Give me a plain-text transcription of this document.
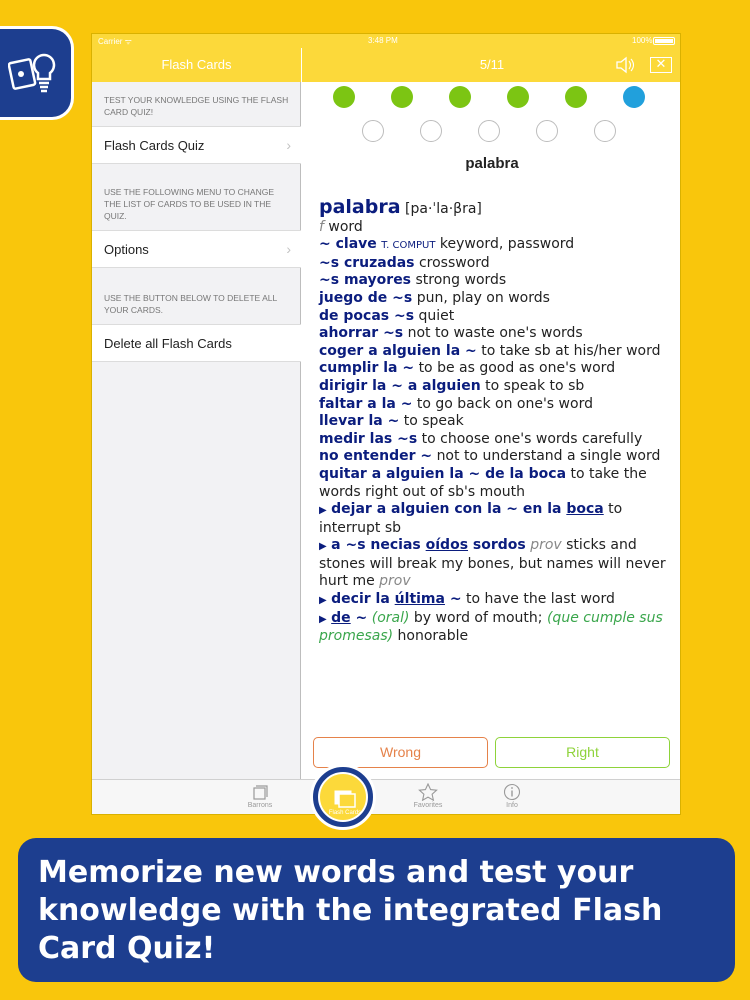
Flash Cards
TEST YOUR KNOWLEDGE USING THE FLASH CARD QUIZ!
Flash Cards Quiz	›
USE THE FOLLOWING MENU TO CHANGE THE LIST OF CARDS TO BE USED IN THE QUIZ.
Options	›
USE THE BUTTON BELOW TO DELETE ALL YOUR CARDS.
Delete all Flash Cards
5/11	✕
palabra
palabra [pa·ˈla·βra]
f word
~ clave T. COMPUT keyword, password
~s cruzadas crossword
~s mayores strong words
juego de ~s pun, play on words
de pocas ~s quiet
ahorrar ~s not to waste one's words
coger a alguien la ~ to take sb at his/her word
cumplir la ~ to be as good as one's word
dirigir la ~ a alguien to speak to sb
faltar a la ~ to go back on one's word
llevar la ~ to speak
medir las ~s to choose one's words carefully
no entender ~ not to understand a single word
quitar a alguien la ~ de la boca to take the words right out of sb's mouth
▶ dejar a alguien con la ~ en la boca to interrupt sb
▶ a ~s necias oídos sordos prov sticks and stones will break my bones, but names will never hurt me prov
▶ decir la última ~ to have the last word
▶ de ~ (oral) by word of mouth; (que cumple sus promesas) honorable
Wrong	Right
Barrons	Favorites	Info
Carrier ᯤ	3:48 PM	100%
Flash Cards
Memorize new words and test your knowledge with the integrated Flash Card Quiz!
